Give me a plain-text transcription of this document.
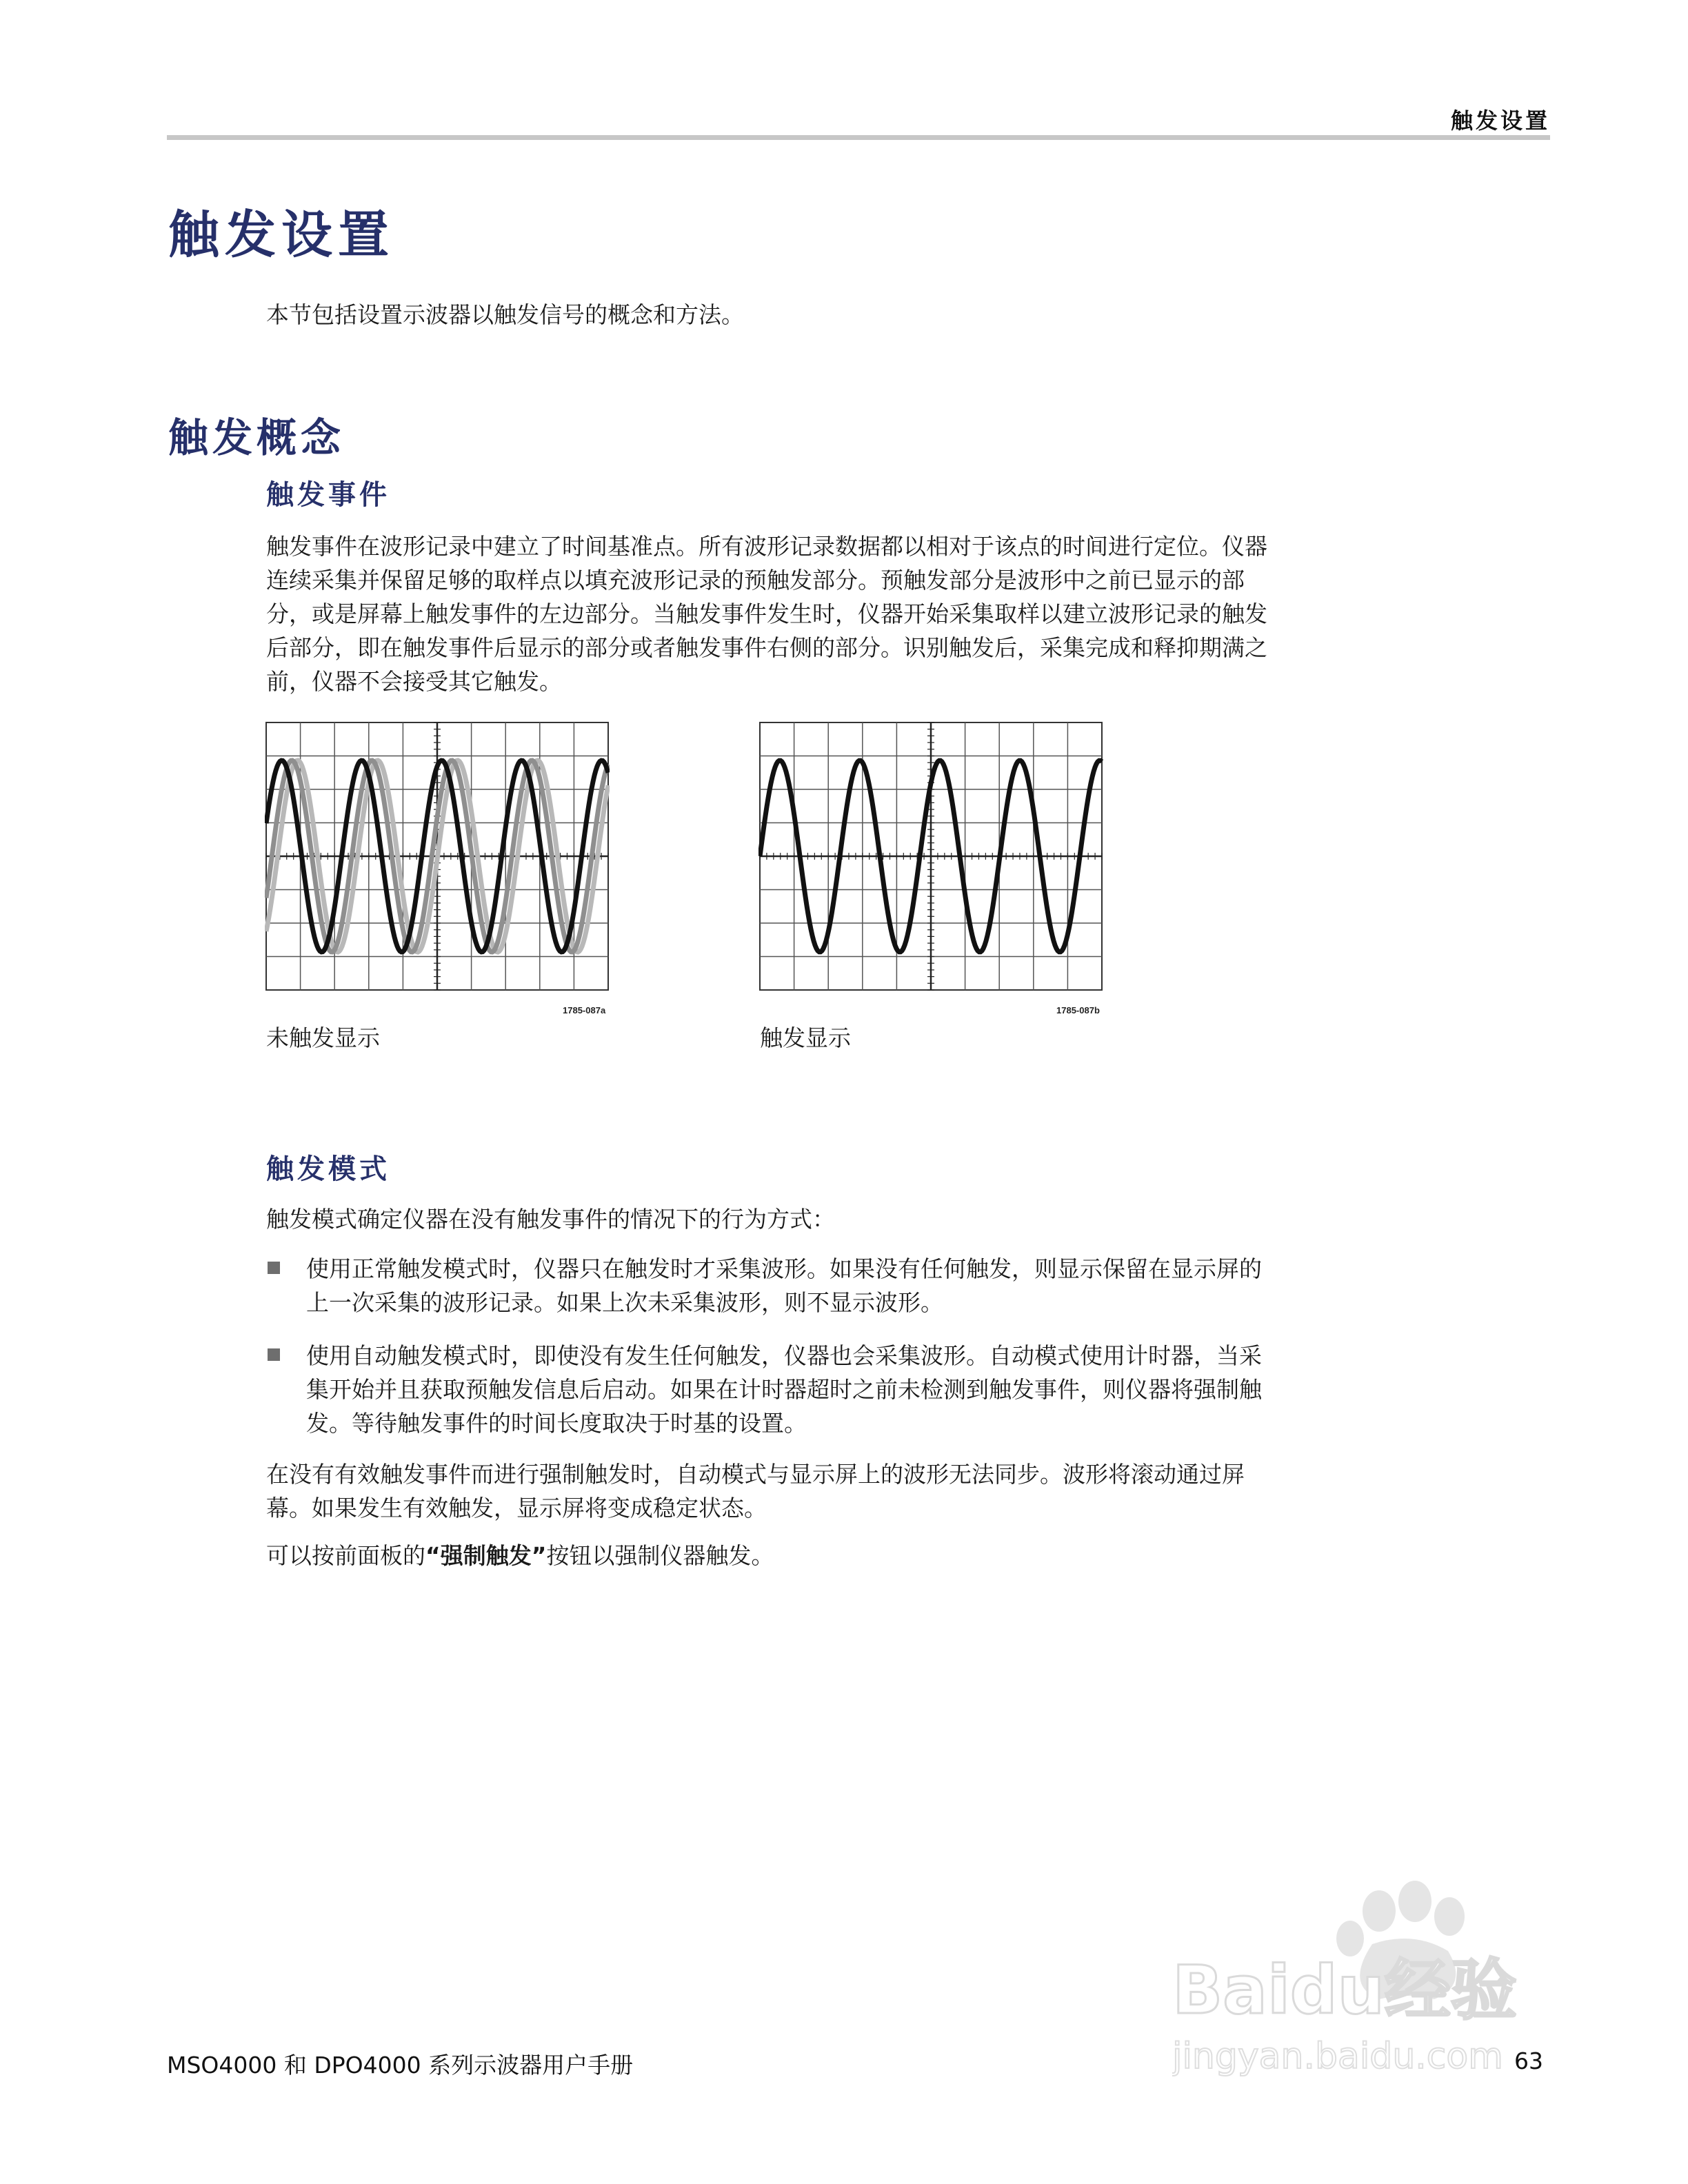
触发设置
触发设置

本节包括设置示波器以触发信号的概念和方法。

触发概念
触发事件
触发事件在波形记录中建立了时间基准点。所有波形记录数据都以相对于该点的时间进行定位。仪器
连续采集并保留足够的取样点以填充波形记录的预触发部分。预触发部分是波形中之前已显示的部
分，或是屏幕上触发事件的左边部分。当触发事件发生时，仪器开始采集取样以建立波形记录的触发
后部分，即在触发事件后显示的部分或者触发事件右侧的部分。识别触发后，采集完成和释抑期满之
前，仪器不会接受其它触发。
1785-087a
未触发显示
1785-087b
触发显示
触发模式

触发模式确定仪器在没有触发事件的情况下的行为方式：

使用正常触发模式时，仪器只在触发时才采集波形。如果没有任何触发，则显示保留在显示屏的
上一次采集的波形记录。如果上次未采集波形，则不显示波形。
使用自动触发模式时，即使没有发生任何触发，仪器也会采集波形。自动模式使用计时器，当采
集开始并且获取预触发信息后启动。如果在计时器超时之前未检测到触发事件，则仪器将强制触
发。等待触发事件的时间长度取决于时基的设置。
在没有有效触发事件而进行强制触发时，自动模式与显示屏上的波形无法同步。波形将滚动通过屏
幕。如果发生有效触发，显示屏将变成稳定状态。

可以按前面板的“强制触发”按钮以强制仪器触发。

Baidu经验
jingyan.baidu.com
MSO4000 和 DPO4000 系列示波器用户手册	63
